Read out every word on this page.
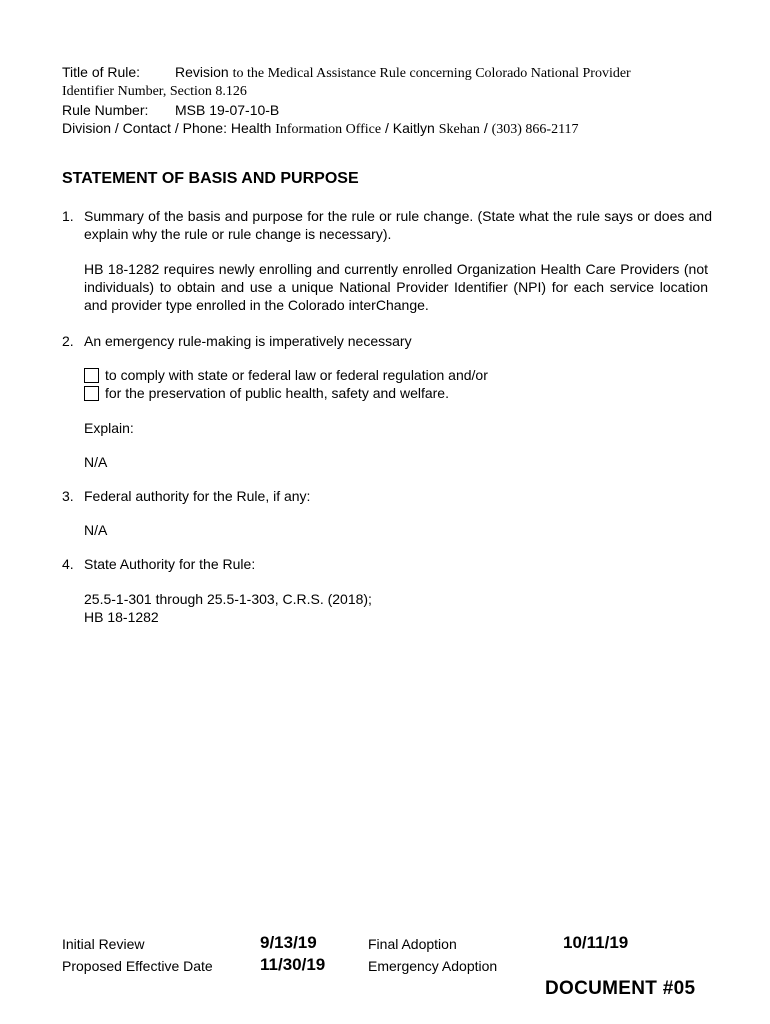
Title of Rule: Revision to the Medical Assistance Rule concerning Colorado National Provider
Identifier Number, Section 8.126
Rule Number: MSB 19-07-10-B
Division / Contact / Phone: Health Information Office / Kaitlyn Skehan / (303) 866-2117
STATEMENT OF BASIS AND PURPOSE
1. Summary of the basis and purpose for the rule or rule change. (State what the rule says or does and explain why the rule or rule change is necessary).
HB 18-1282 requires newly enrolling and currently enrolled Organization Health Care Providers (not individuals) to obtain and use a unique National Provider Identifier (NPI) for each service location and provider type enrolled in the Colorado interChange.
2. An emergency rule-making is imperatively necessary
to comply with state or federal law or federal regulation and/or
for the preservation of public health, safety and welfare.
Explain:
N/A
3. Federal authority for the Rule, if any:
N/A
4. State Authority for the Rule:
25.5-1-301 through 25.5-1-303, C.R.S. (2018);
HB 18-1282
Initial Review	9/13/19	Final Adoption	10/11/19
Proposed Effective Date	11/30/19	Emergency Adoption
DOCUMENT #05
